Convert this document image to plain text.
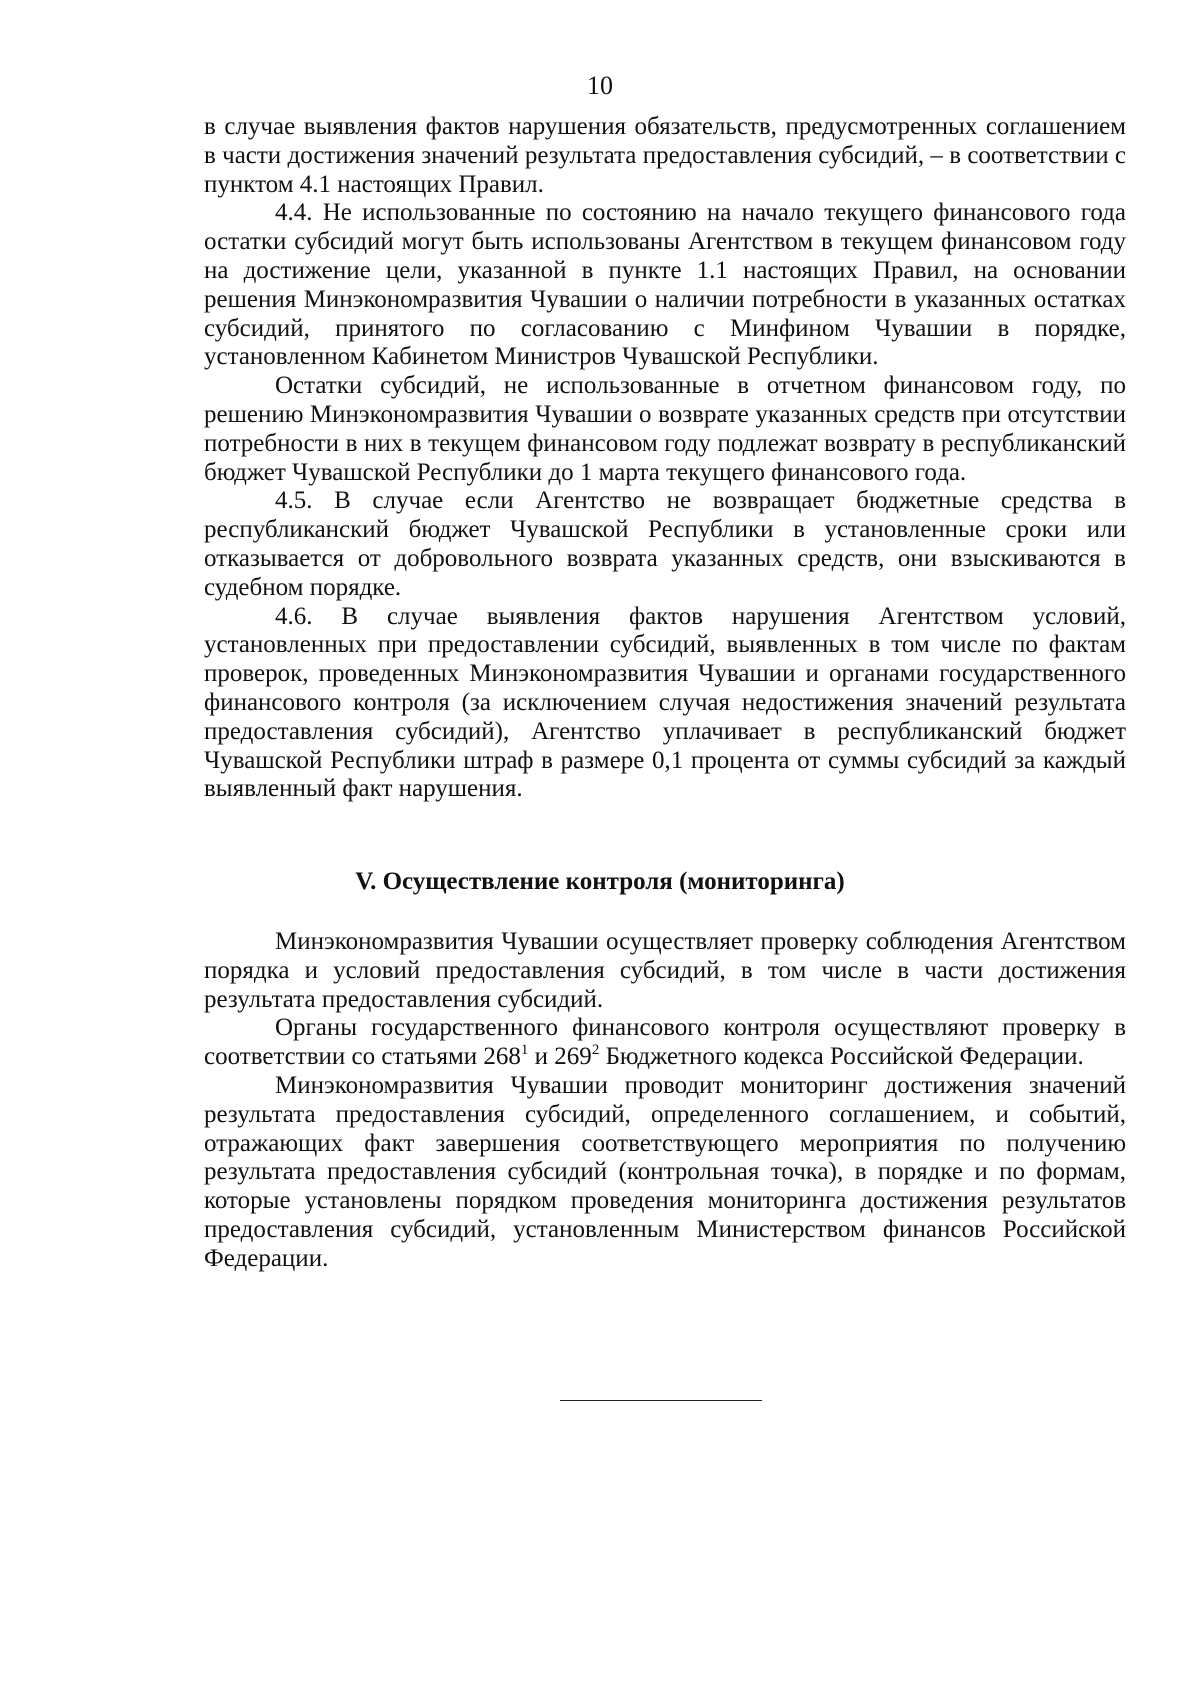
10

в случае выявления фактов нарушения обязательств, предусмотренных соглашением в части достижения значений результата предоставления субсидий, – в соответствии с пунктом 4.1 настоящих Правил.

4.4. Не использованные по состоянию на начало текущего финансового года остатки субсидий могут быть использованы Агентством в текущем финансовом году на достижение цели, указанной в пункте 1.1 настоящих Правил, на основании решения Минэкономразвития Чувашии о наличии потребности в указанных остатках субсидий, принятого по согласованию с Минфином Чувашии в порядке, установленном Кабинетом Министров Чувашской Республики.

Остатки субсидий, не использованные в отчетном финансовом году, по решению Минэкономразвития Чувашии о возврате указанных средств при отсутствии потребности в них в текущем финансовом году подлежат возврату в республиканский бюджет Чувашской Республики до 1 марта текущего финансового года.

4.5. В случае если Агентство не возвращает бюджетные средства в республиканский бюджет Чувашской Республики в установленные сроки или отказывается от добровольного возврата указанных средств, они взыскиваются в судебном порядке.

4.6. В случае выявления фактов нарушения Агентством условий, установленных при предоставлении субсидий, выявленных в том числе по фактам проверок, проведенных Минэкономразвития Чувашии и органами государственного финансового контроля (за исключением случая недостижения значений результата предоставления субсидий), Агентство уплачивает в республиканский бюджет Чувашской Республики штраф в размере 0,1 процента от суммы субсидий за каждый выявленный факт нарушения.

V. Осуществление контроля (мониторинга)

Минэкономразвития Чувашии осуществляет проверку соблюдения Агентством порядка и условий предоставления субсидий, в том числе в части достижения результата предоставления субсидий.

Органы государственного финансового контроля осуществляют проверку в соответствии со статьями $268^1$ и $269^2$ Бюджетного кодекса Российской Федерации.

Минэкономразвития Чувашии проводит мониторинг достижения значений результата предоставления субсидий, определенного соглашением, и событий, отражающих факт завершения соответствующего мероприятия по получению результата предоставления субсидий (контрольная точка), в порядке и по формам, которые установлены порядком проведения мониторинга достижения результатов предоставления субсидий, установленным Министерством финансов Российской Федерации.
